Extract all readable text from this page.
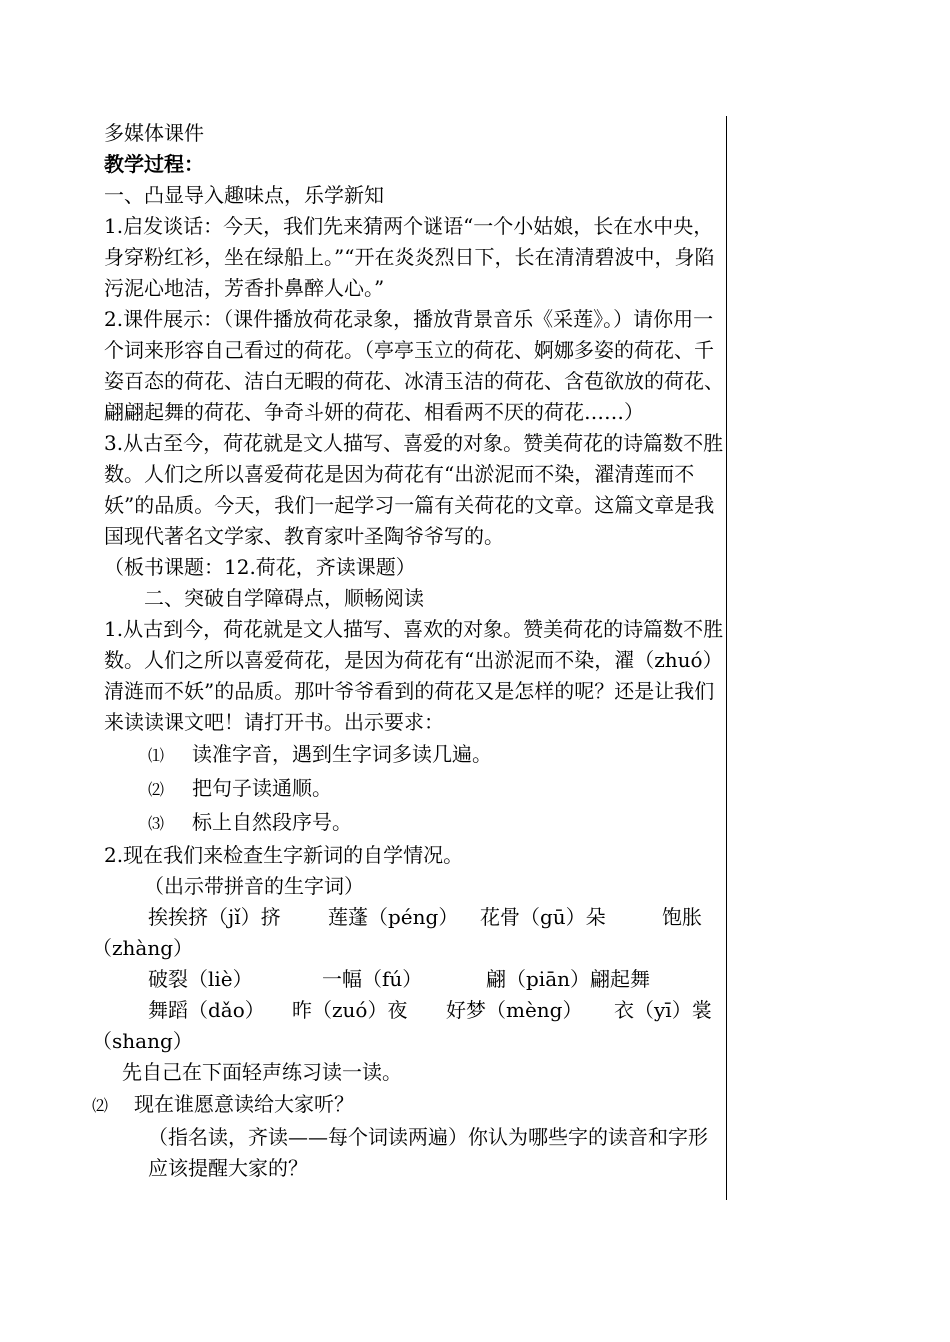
多媒体课件

教学过程：

一、凸显导入趣味点，乐学新知

1.启发谈话：今天，我们先来猜两个谜语“一个小姑娘，长在水中央，身穿粉红衫，坐在绿船上。”“开在炎炎烈日下，长在清清碧波中，身陷污泥心地洁，芳香扑鼻醉人心。”

2.课件展示：（课件播放荷花录象，播放背景音乐《采莲》。）请你用一个词来形容自己看过的荷花。（亭亭玉立的荷花、婀娜多姿的荷花、千姿百态的荷花、洁白无暇的荷花、冰清玉洁的荷花、含苞欲放的荷花、翩翩起舞的荷花、争奇斗妍的荷花、相看两不厌的荷花……）

3.从古至今，荷花就是文人描写、喜爱的对象。赞美荷花的诗篇数不胜数。人们之所以喜爱荷花是因为荷花有“出淤泥而不染，濯清莲而不妖”的品质。今天，我们一起学习一篇有关荷花的文章。这篇文章是我国现代著名文学家、教育家叶圣陶爷爷写的。

（板书课题：12.荷花，齐读课题）

二、突破自学障碍点，顺畅阅读

1.从古到今，荷花就是文人描写、喜欢的对象。赞美荷花的诗篇数不胜数。人们之所以喜爱荷花，是因为荷花有“出淤泥而不染，濯（zhuó）清涟而不妖”的品质。那叶爷爷看到的荷花又是怎样的呢？还是让我们来读读课文吧！请打开书。出示要求：

⑴	读准字音，遇到生字词多读几遍。
⑵	把句子读通顺。
⑶	标上自然段序号。

2.现在我们来检查生字新词的自学情况。

（出示带拼音的生字词）

挨挨挤（jǐ）挤	莲蓬（péng）	花骨（gū）朵	饱胀

（zhàng）

破裂（liè）	一幅（fú）	翩（piān）翩起舞
舞蹈（dǎo）	昨（zuó）夜	好梦（mèng）	衣（yī）裳

（shang）

先自己在下面轻声练习读一读。

⑵	现在谁愿意读给大家听？

（指名读，齐读——每个词读两遍）你认为哪些字的读音和字形应该提醒大家的？
